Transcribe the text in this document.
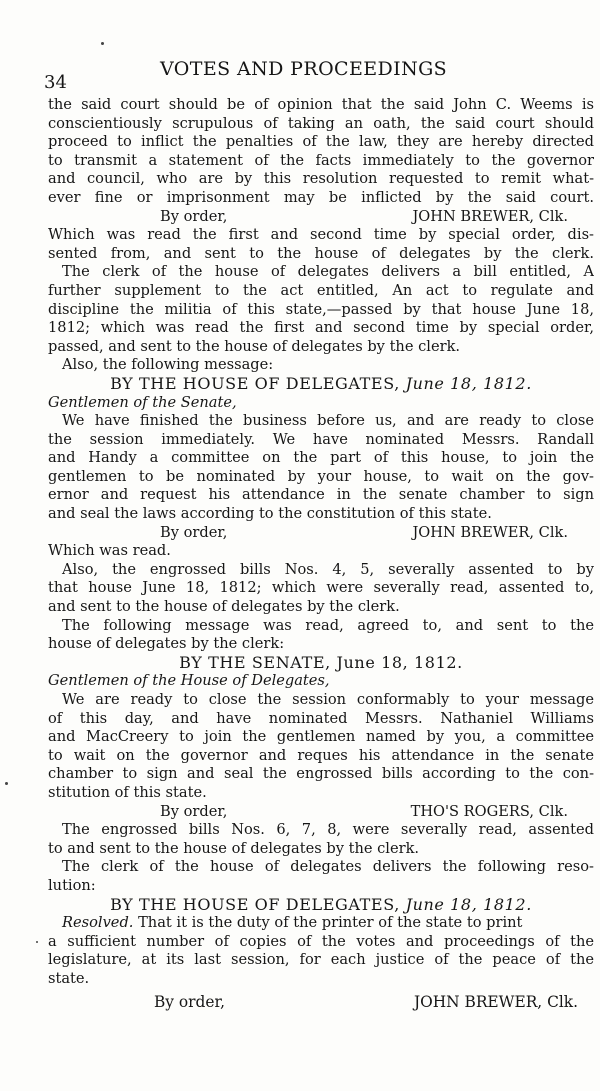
34
VOTES AND PROCEEDINGS
the said court should be of opinion that the said John C. Weems is
conscientiously scrupulous of taking an oath, the said court should
proceed to inflict the penalties of the law, they are hereby directed
to transmit a statement of the facts immediately to the governor
and council, who are by this resolution requested to remit what-
ever fine or imprisonment may be inflicted by the said court.
By order,	JOHN BREWER, Clk.
Which was read the first and second time by special order, dis-
sented from, and sent to the house of delegates by the clerk.
The clerk of the house of delegates delivers a bill entitled, A
further supplement to the act entitled, An act to regulate and
discipline the militia of this state,—passed by that house June 18,
1812; which was read the first and second time by special order,
passed, and sent to the house of delegates by the clerk.
Also, the following message:
BY THE HOUSE OF DELEGATES, June 18, 1812.
Gentlemen of the Senate,
We have finished the business before us, and are ready to close
the session immediately. We have nominated Messrs. Randall
and Handy a committee on the part of this house, to join the
gentlemen to be nominated by your house, to wait on the gov-
ernor and request his attendance in the senate chamber to sign
and seal the laws according to the constitution of this state.
By order,	JOHN BREWER, Clk.
Which was read.
Also, the engrossed bills Nos. 4, 5, severally assented to by
that house June 18, 1812; which were severally read, assented to,
and sent to the house of delegates by the clerk.
The following message was read, agreed to, and sent to the
house of delegates by the clerk:
BY THE SENATE, June 18, 1812.
Gentlemen of the House of Delegates,
We are ready to close the session conformably to your message
of this day, and have nominated Messrs. Nathaniel Williams
and MacCreery to join the gentlemen named by you, a committee
to wait on the governor and reques his attendance in the senate
chamber to sign and seal the engrossed bills according to the con-
stitution of this state.
By order,	THO'S ROGERS, Clk.
The engrossed bills Nos. 6, 7, 8, were severally read, assented
to and sent to the house of delegates by the clerk.
The clerk of the house of delegates delivers the following reso-
lution:
BY THE HOUSE OF DELEGATES, June 18, 1812.
Resolved. That it is the duty of the printer of the state to print
a sufficient number of copies of the votes and proceedings of the
legislature, at its last session, for each justice of the peace of the
state.
By order,	JOHN BREWER, Clk.
